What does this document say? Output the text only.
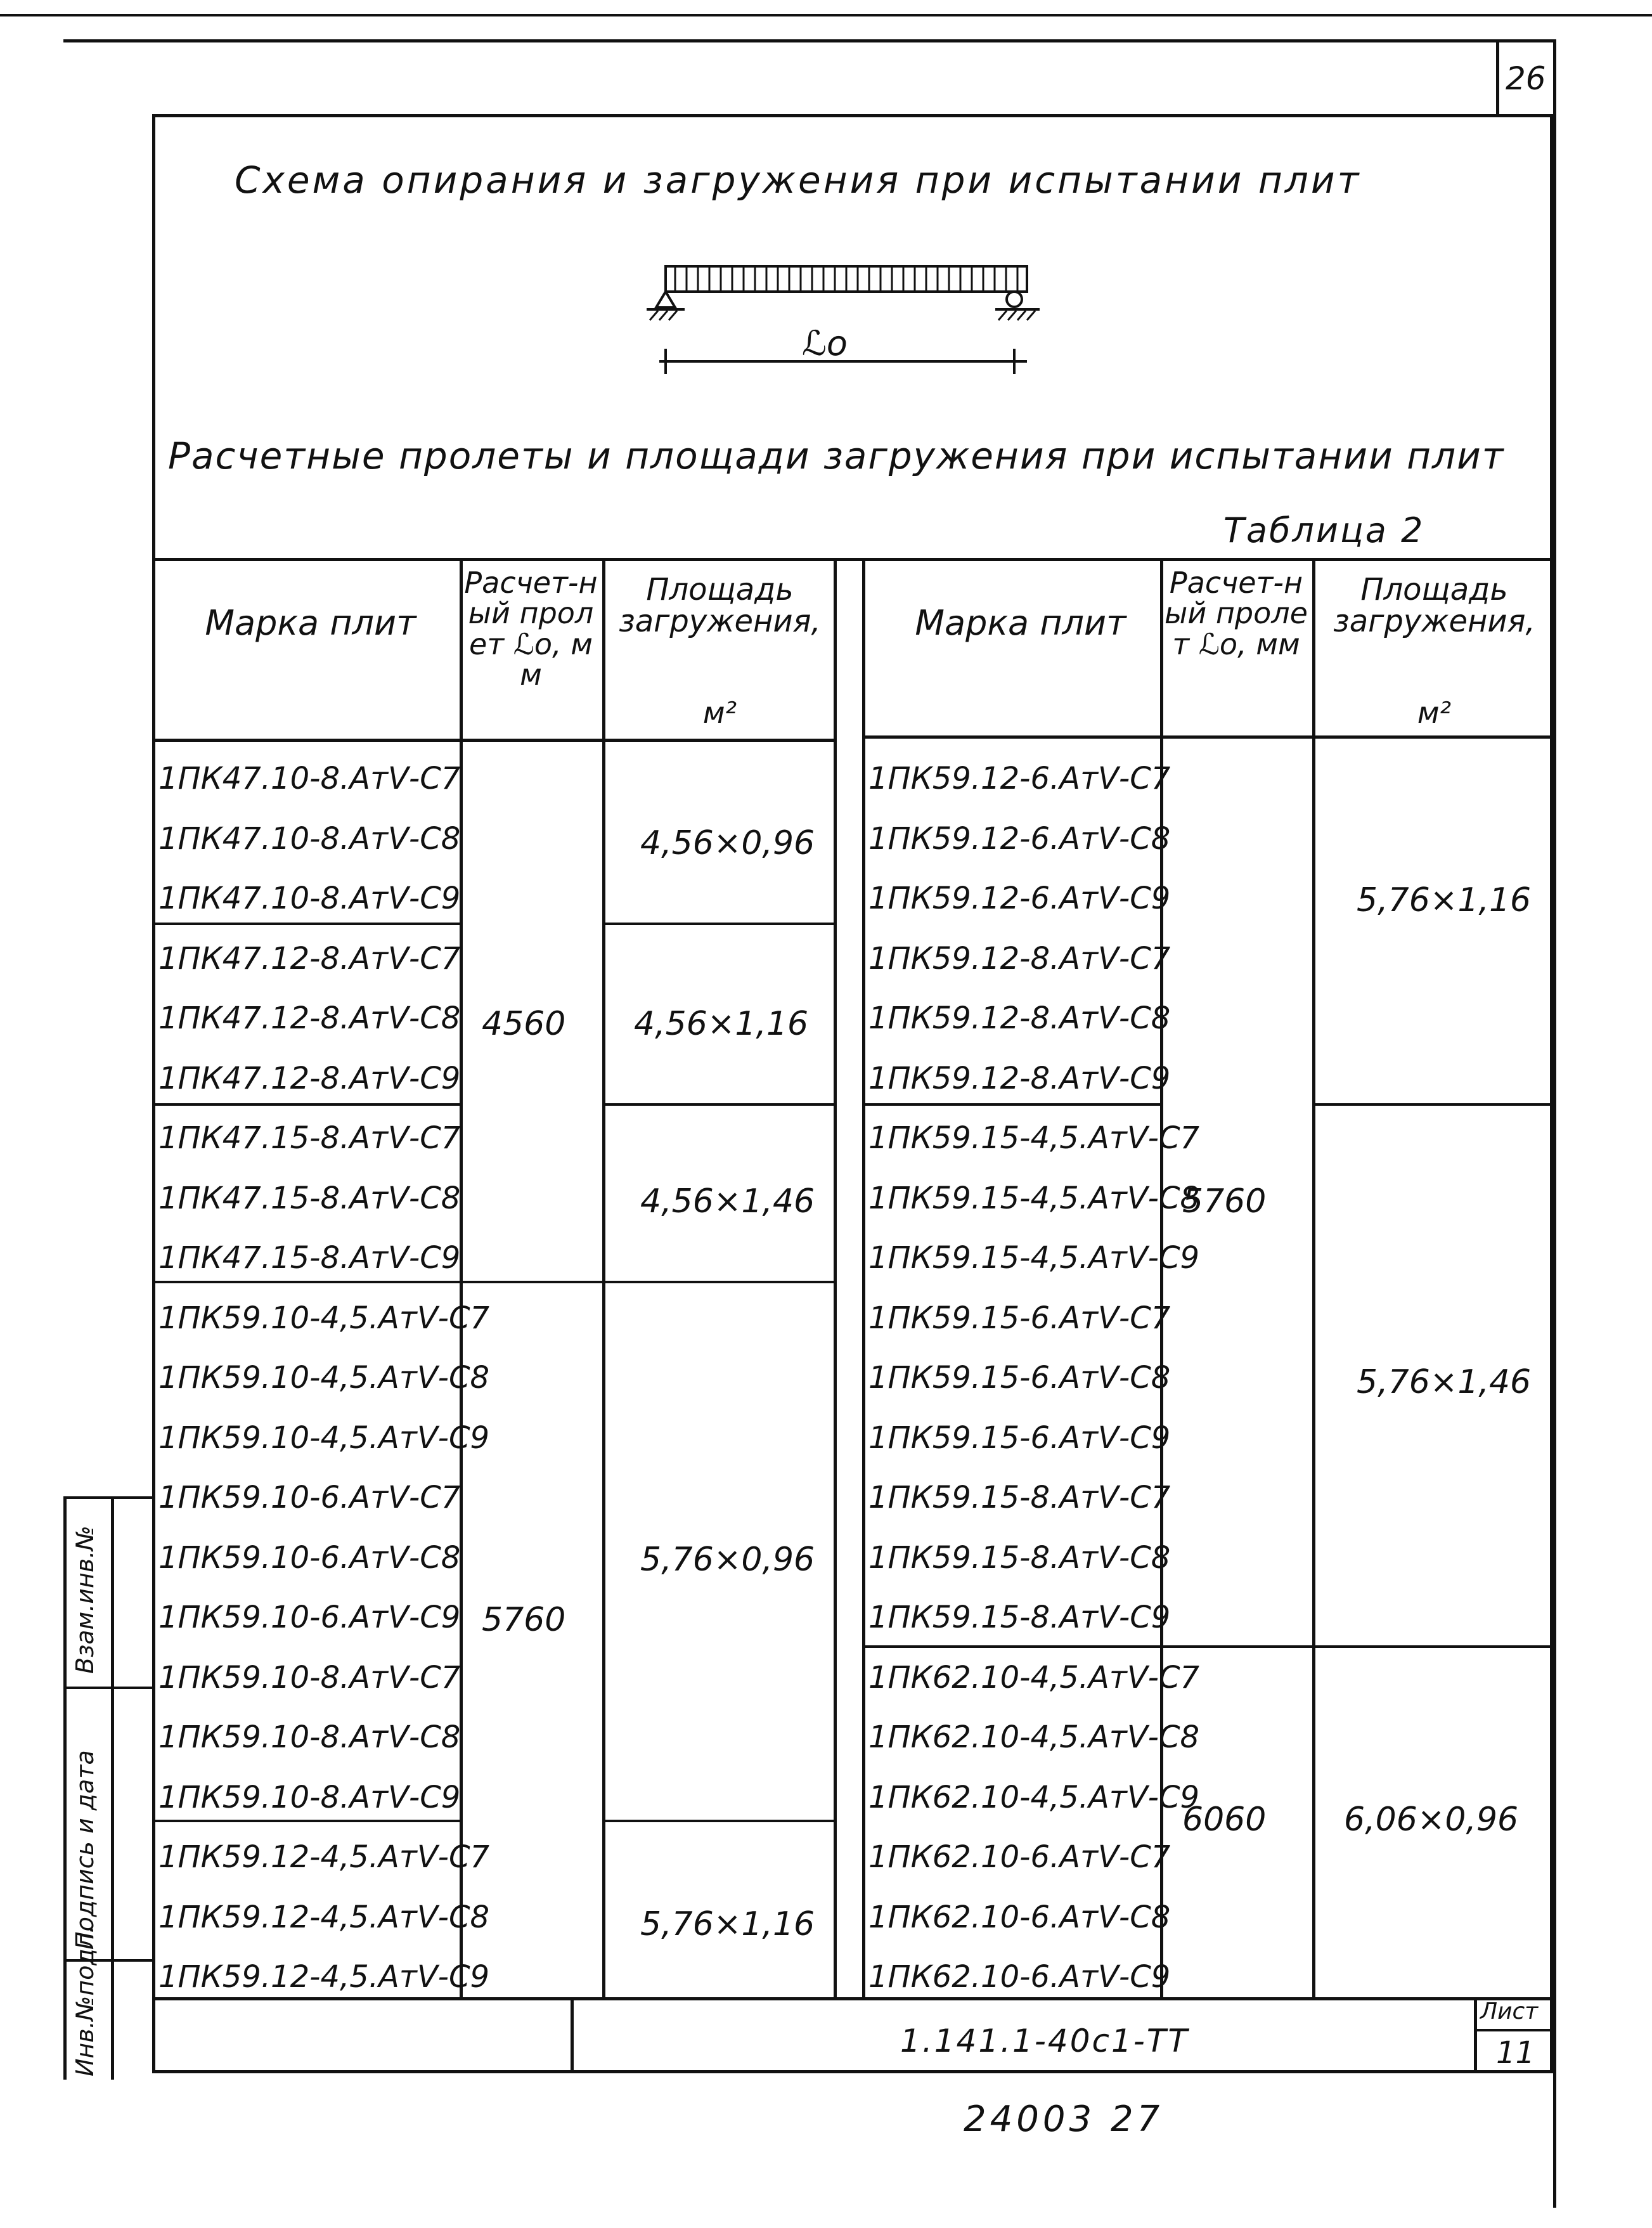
26
Схема опирания и загружения при испытании плит
ℒо
Расчетные пролеты и площади загружения при испытании плит
Таблица 2
Марка плит
Расчет-ный пролет ℒо, мм
Площадь загружения,
м²
Марка плит
Расчет-ный пролет ℒо, мм
Площадь загружения,
м²
1ПК47.10-8.АтⅤ-С7
1ПК47.10-8.АтⅤ-С8
1ПК47.10-8.АтⅤ-С9
1ПК47.12-8.АтⅤ-С7
1ПК47.12-8.АтⅤ-С8
1ПК47.12-8.АтⅤ-С9
1ПК47.15-8.АтⅤ-С7
1ПК47.15-8.АтⅤ-С8
1ПК47.15-8.АтⅤ-С9
1ПК59.10-4,5.АтⅤ-С7
1ПК59.10-4,5.АтⅤ-С8
1ПК59.10-4,5.АтⅤ-С9
1ПК59.10-6.АтⅤ-С7
1ПК59.10-6.АтⅤ-С8
1ПК59.10-6.АтⅤ-С9
1ПК59.10-8.АтⅤ-С7
1ПК59.10-8.АтⅤ-С8
1ПК59.10-8.АтⅤ-С9
1ПК59.12-4,5.АтⅤ-С7
1ПК59.12-4,5.АтⅤ-С8
1ПК59.12-4,5.АтⅤ-С9
1ПК59.12-6.АтⅤ-С7
1ПК59.12-6.АтⅤ-С8
1ПК59.12-6.АтⅤ-С9
1ПК59.12-8.АтⅤ-С7
1ПК59.12-8.АтⅤ-С8
1ПК59.12-8.АтⅤ-С9
1ПК59.15-4,5.АтⅤ-С7
1ПК59.15-4,5.АтⅤ-С8
1ПК59.15-4,5.АтⅤ-С9
1ПК59.15-6.АтⅤ-С7
1ПК59.15-6.АтⅤ-С8
1ПК59.15-6.АтⅤ-С9
1ПК59.15-8.АтⅤ-С7
1ПК59.15-8.АтⅤ-С8
1ПК59.15-8.АтⅤ-С9
1ПК62.10-4,5.АтⅤ-С7
1ПК62.10-4,5.АтⅤ-С8
1ПК62.10-4,5.АтⅤ-С9
1ПК62.10-6.АтⅤ-С7
1ПК62.10-6.АтⅤ-С8
1ПК62.10-6.АтⅤ-С9
4560
5760
4,56×0,96
4,56×1,16
4,56×1,46
5,76×0,96
5,76×1,16
5760
6060
5,76×1,16
5,76×1,46
6,06×0,96
Инв.№подл.
Подпись и дата
Взам.инв.№
1.141.1-40с1-ТТ
Лист
11
24003 27
